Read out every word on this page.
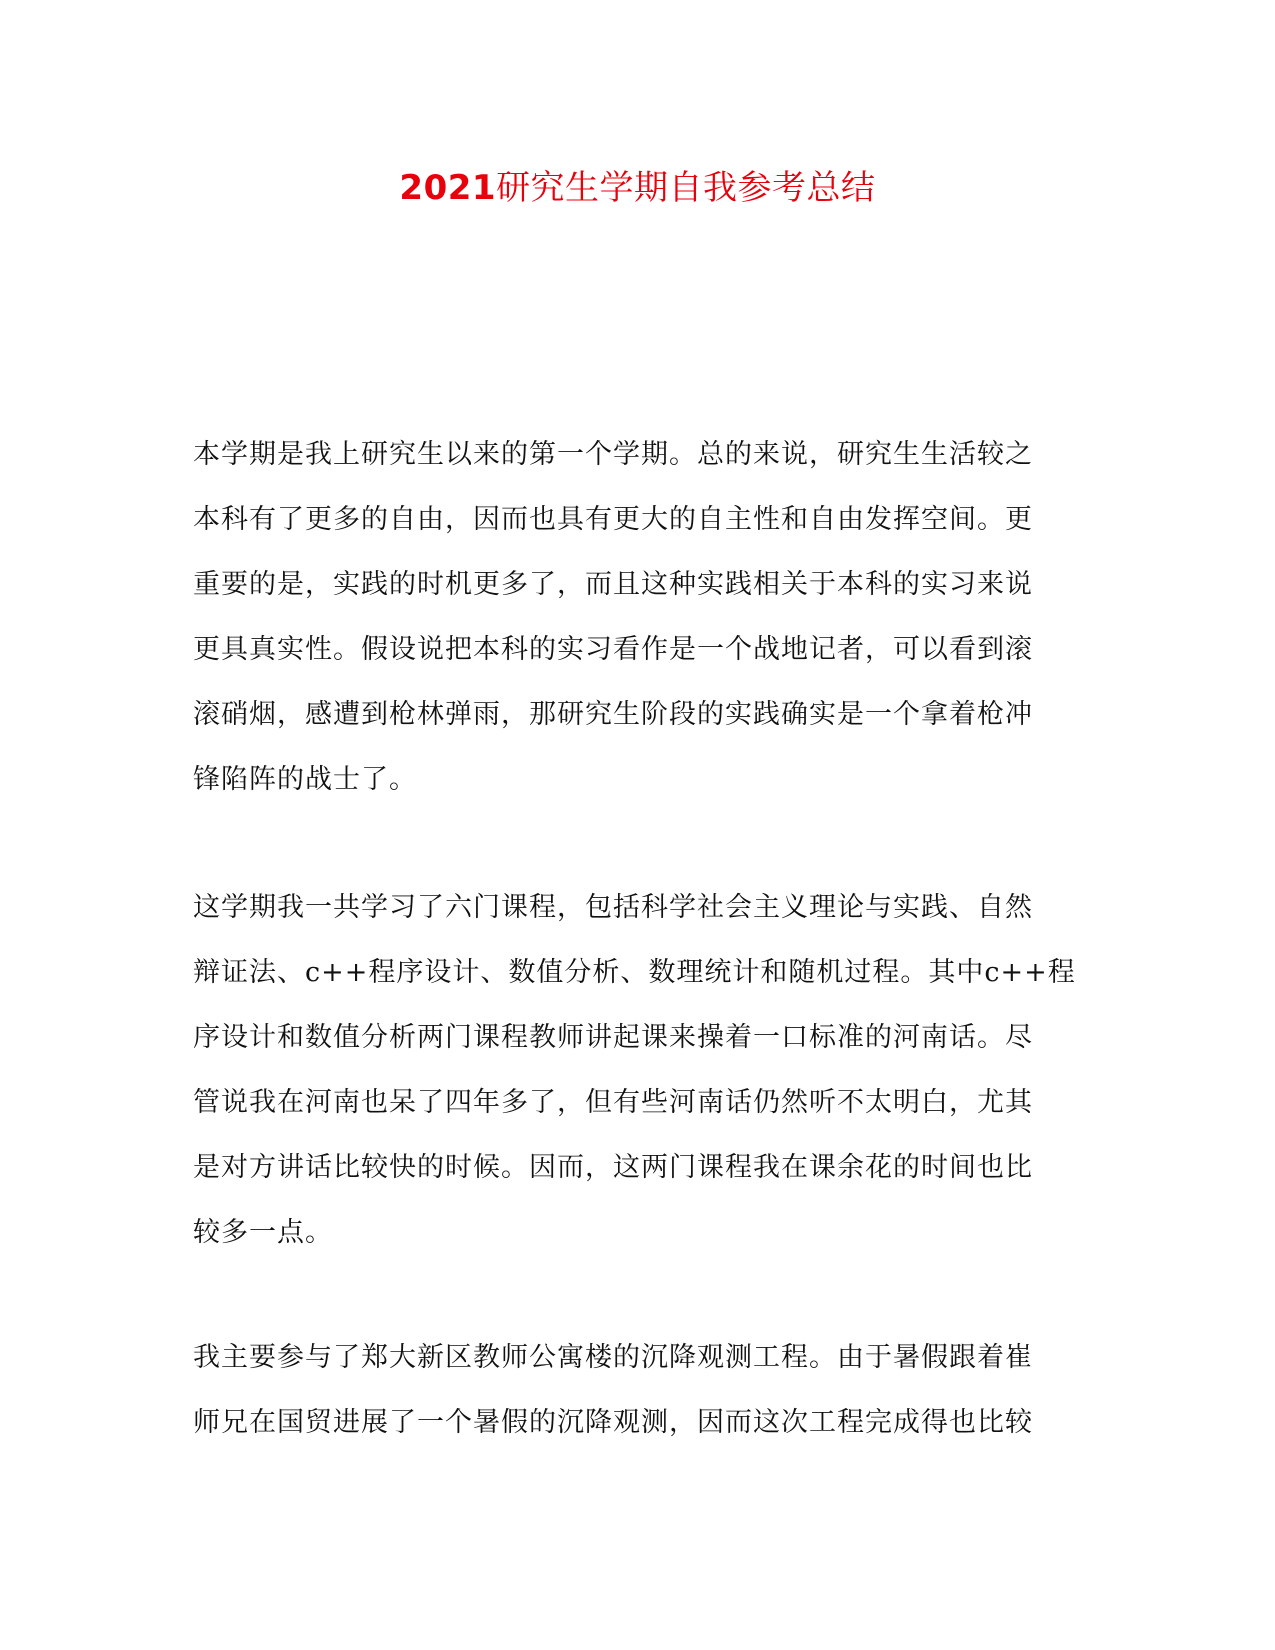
2021研究生学期自我参考总结
本学期是我上研究生以来的第一个学期。总的来说，研究生生活较之
本科有了更多的自由，因而也具有更大的自主性和自由发挥空间。更
重要的是，实践的时机更多了，而且这种实践相关于本科的实习来说
更具真实性。假设说把本科的实习看作是一个战地记者，可以看到滚
滚硝烟，感遭到枪林弹雨，那研究生阶段的实践确实是一个拿着枪冲
锋陷阵的战士了。
这学期我一共学习了六门课程，包括科学社会主义理论与实践、自然
辩证法、c++程序设计、数值分析、数理统计和随机过程。其中c++程
序设计和数值分析两门课程教师讲起课来操着一口标准的河南话。尽
管说我在河南也呆了四年多了，但有些河南话仍然听不太明白，尤其
是对方讲话比较快的时候。因而，这两门课程我在课余花的时间也比
较多一点。
我主要参与了郑大新区教师公寓楼的沉降观测工程。由于暑假跟着崔
师兄在国贸进展了一个暑假的沉降观测，因而这次工程完成得也比较
